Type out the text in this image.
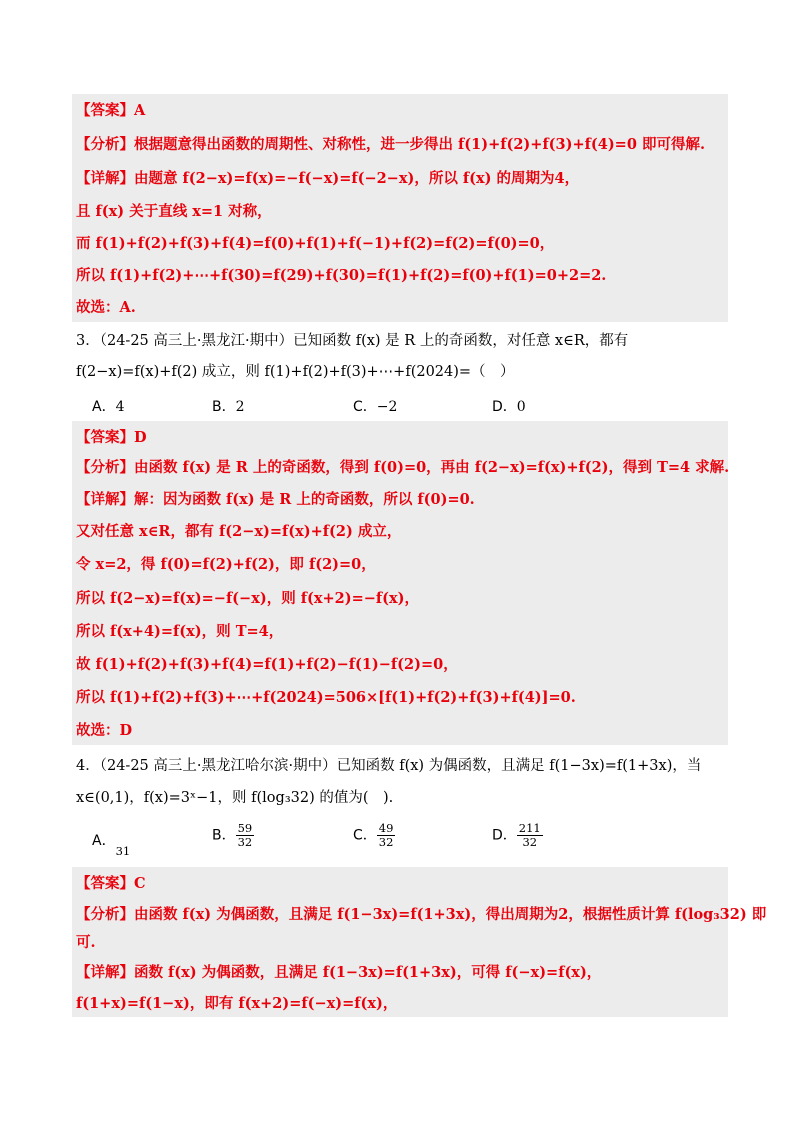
【答案】A
【分析】根据题意得出函数的周期性、对称性，进一步得出 f(1)+f(2)+f(3)+f(4)=0 即可得解.
【详解】由题意 f(2−x)=f(x)=−f(−x)=f(−2−x)，所以 f(x) 的周期为4，
且 f(x) 关于直线 x=1 对称，
而 f(1)+f(2)+f(3)+f(4)=f(0)+f(1)+f(−1)+f(2)=f(2)=f(0)=0，
所以 f(1)+f(2)+⋯+f(30)=f(29)+f(30)=f(1)+f(2)=f(0)+f(1)=0+2=2.
故选：A.
3．（24-25 高三上·黑龙江·期中）已知函数 f(x) 是 R 上的奇函数，对任意 x∈R，都有
f(2−x)=f(x)+f(2) 成立，则 f(1)+f(2)+f(3)+⋯+f(2024)=（　）
A．4	B．2	C．−2	D．0
【答案】D
【分析】由函数 f(x) 是 R 上的奇函数，得到 f(0)=0，再由 f(2−x)=f(x)+f(2)，得到 T=4 求解.
【详解】解：因为函数 f(x) 是 R 上的奇函数，所以 f(0)=0.
又对任意 x∈R，都有 f(2−x)=f(x)+f(2) 成立，
令 x=2，得 f(0)=f(2)+f(2)，即 f(2)=0，
所以 f(2−x)=f(x)=−f(−x)，则 f(x+2)=−f(x)，
所以 f(x+4)=f(x)，则 T=4，
故 f(1)+f(2)+f(3)+f(4)=f(1)+f(2)−f(1)−f(2)=0，
所以 f(1)+f(2)+f(3)+⋯+f(2024)=506×[f(1)+f(2)+f(3)+f(4)]=0.
故选：D
4．（24-25 高三上·黑龙江哈尔滨·期中）已知函数 f(x) 为偶函数，且满足 f(1−3x)=f(1+3x)，当
x∈(0,1)，f(x)=3ˣ−1，则 f(log₃32) 的值为(　).
A．31
B． $\frac{59}{32}$	C． $\frac{49}{32}$	D． $\frac{211}{32}$
【答案】C
【分析】由函数 f(x) 为偶函数，且满足 f(1−3x)=f(1+3x)，得出周期为2，根据性质计算 f(log₃32) 即
可.
【详解】函数 f(x) 为偶函数，且满足 f(1−3x)=f(1+3x)，可得 f(−x)=f(x)，
f(1+x)=f(1−x)，即有 f(x+2)=f(−x)=f(x)，
